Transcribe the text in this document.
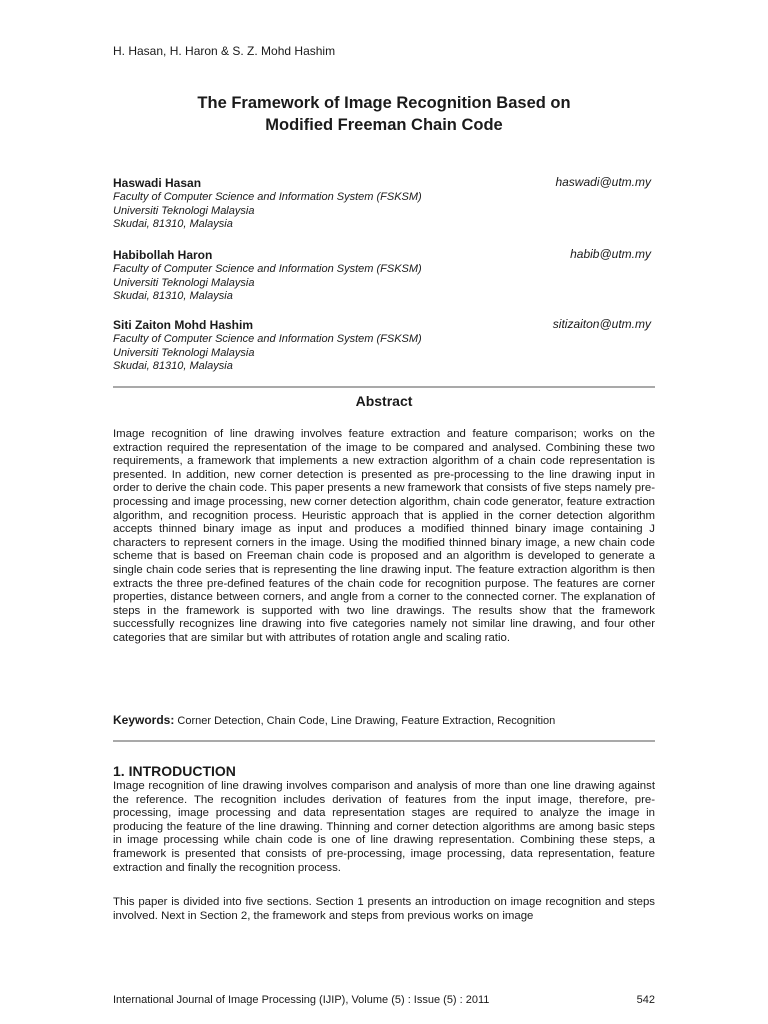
H. Hasan, H. Haron & S. Z. Mohd Hashim
The Framework of Image Recognition Based on
Modified Freeman Chain Code
Haswadi Hasan	haswadi@utm.my
Faculty of Computer Science and Information System (FSKSM)
Universiti Teknologi Malaysia
Skudai, 81310, Malaysia
Habibollah Haron	habib@utm.my
Faculty of Computer Science and Information System (FSKSM)
Universiti Teknologi Malaysia
Skudai, 81310, Malaysia
Siti Zaiton Mohd Hashim	sitizaiton@utm.my
Faculty of Computer Science and Information System (FSKSM)
Universiti Teknologi Malaysia
Skudai, 81310, Malaysia
Abstract

Image recognition of line drawing involves feature extraction and feature comparison; works on the extraction required the representation of the image to be compared and analysed. Combining these two requirements, a framework that implements a new extraction algorithm of a chain code representation is presented. In addition, new corner detection is presented as pre-processing to the line drawing input in order to derive the chain code. This paper presents a new framework that consists of five steps namely pre-processing and image processing, new corner detection algorithm, chain code generator, feature extraction algorithm, and recognition process. Heuristic approach that is applied in the corner detection algorithm accepts thinned binary image as input and produces a modified thinned binary image containing J characters to represent corners in the image. Using the modified thinned binary image, a new chain code scheme that is based on Freeman chain code is proposed and an algorithm is developed to generate a single chain code series that is representing the line drawing input. The feature extraction algorithm is then extracts the three pre-defined features of the chain code for recognition purpose. The features are corner properties, distance between corners, and angle from a corner to the connected corner. The explanation of steps in the framework is supported with two line drawings. The results show that the framework successfully recognizes line drawing into five categories namely not similar line drawing, and four other categories that are similar but with attributes of rotation angle and scaling ratio.

Keywords: Corner Detection, Chain Code, Line Drawing, Feature Extraction, Recognition
1. INTRODUCTION

Image recognition of line drawing involves comparison and analysis of more than one line drawing against the reference. The recognition includes derivation of features from the input image, therefore, pre-processing, image processing and data representation stages are required to analyze the image in producing the feature of the line drawing. Thinning and corner detection algorithms are among basic steps in image processing while chain code is one of line drawing representation. Combining these steps, a framework is presented that consists of pre-processing, image processing, data representation, feature extraction and finally the recognition process.

This paper is divided into five sections. Section 1 presents an introduction on image recognition and steps involved. Next in Section 2, the framework and steps from previous works on image

International Journal of Image Processing (IJIP), Volume (5) : Issue (5) : 2011	542
